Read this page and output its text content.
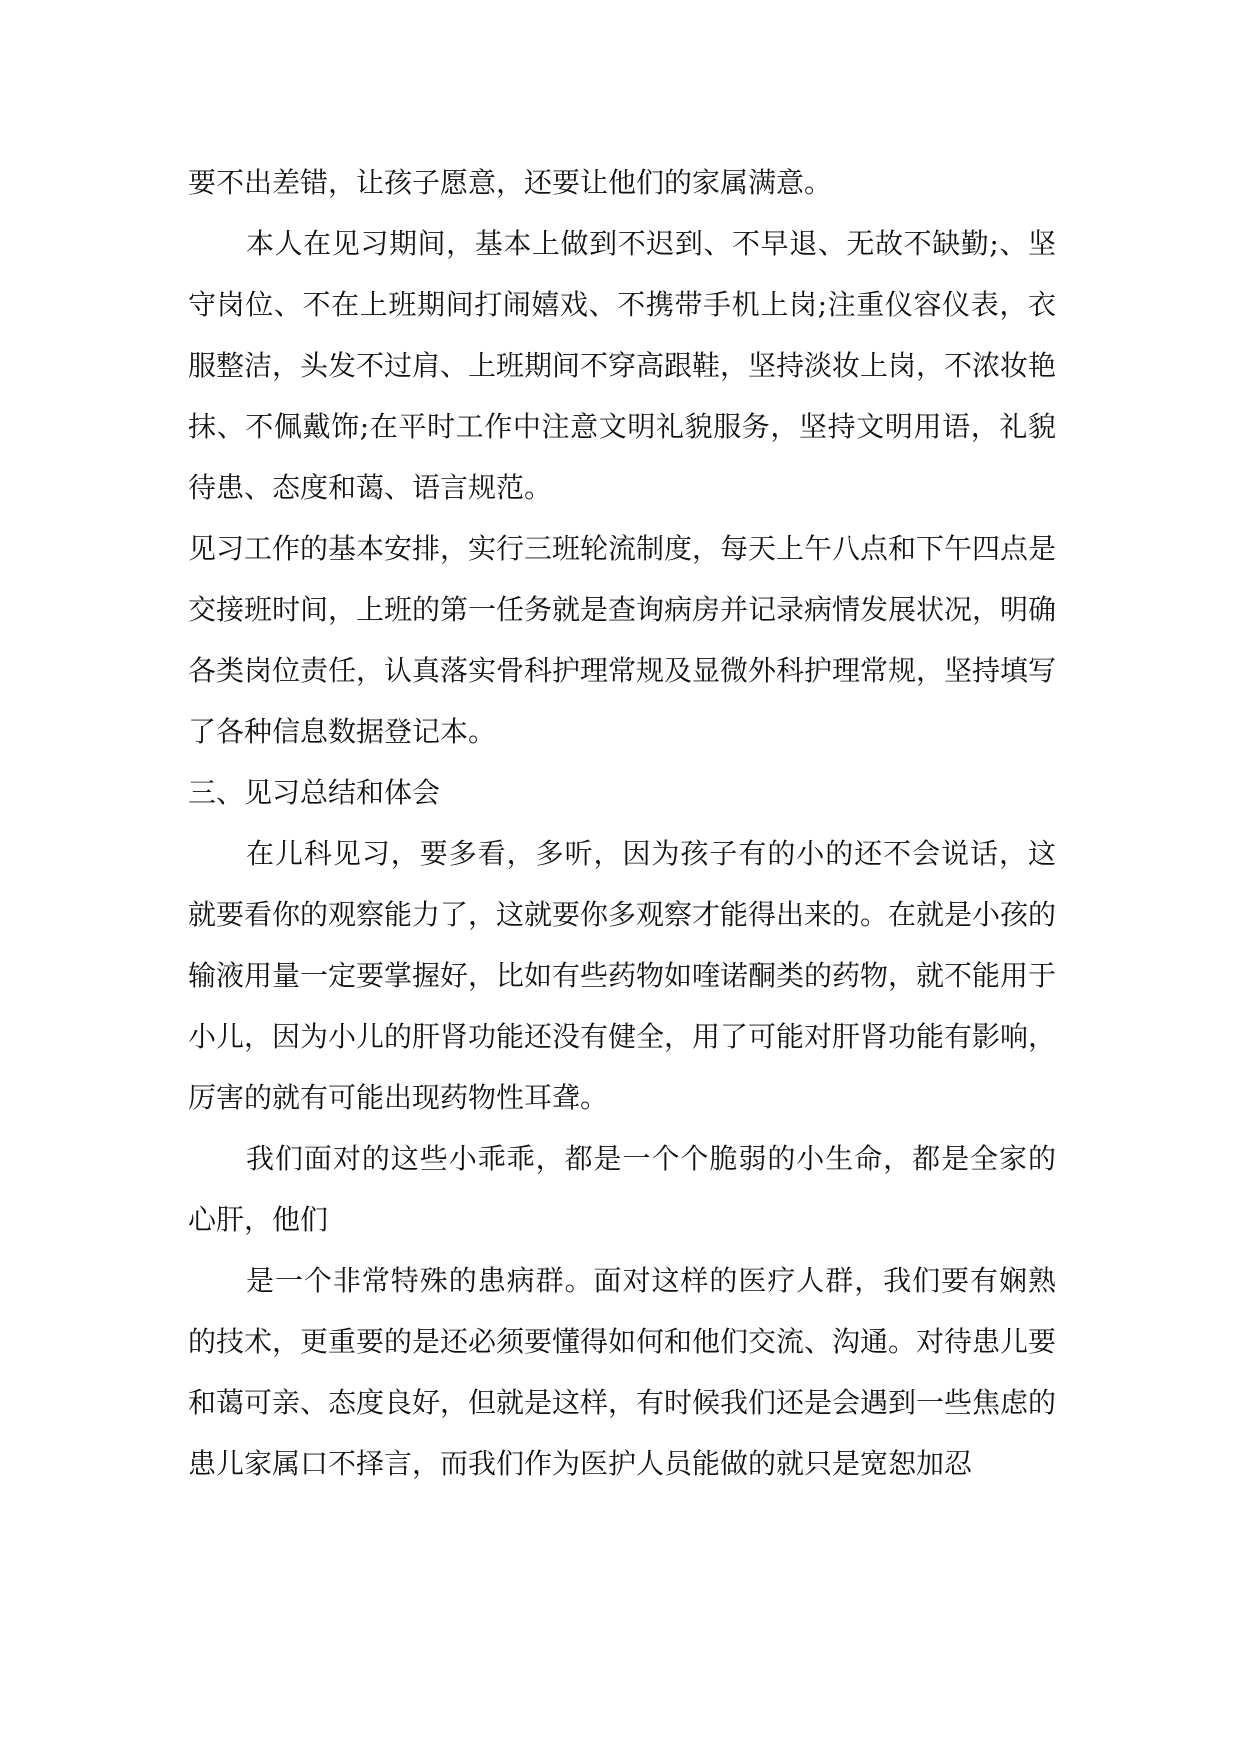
要不出差错，让孩子愿意，还要让他们的家属满意。

本人在见习期间，基本上做到不迟到、不早退、无故不缺勤;、坚守岗位、不在上班期间打闹嬉戏、不携带手机上岗;注重仪容仪表，衣服整洁，头发不过肩、上班期间不穿高跟鞋，坚持淡妆上岗，不浓妆艳抹、不佩戴饰;在平时工作中注意文明礼貌服务，坚持文明用语，礼貌待患、态度和蔼、语言规范。

见习工作的基本安排，实行三班轮流制度，每天上午八点和下午四点是交接班时间，上班的第一任务就是查询病房并记录病情发展状况，明确各类岗位责任，认真落实骨科护理常规及显微外科护理常规，坚持填写了各种信息数据登记本。

三、见习总结和体会

在儿科见习，要多看，多听，因为孩子有的小的还不会说话，这就要看你的观察能力了，这就要你多观察才能得出来的。在就是小孩的输液用量一定要掌握好，比如有些药物如喹诺酮类的药物，就不能用于小儿，因为小儿的肝肾功能还没有健全，用了可能对肝肾功能有影响，厉害的就有可能出现药物性耳聋。

我们面对的这些小乖乖，都是一个个脆弱的小生命，都是全家的心肝，他们

是一个非常特殊的患病群。面对这样的医疗人群，我们要有娴熟的技术，更重要的是还必须要懂得如何和他们交流、沟通。对待患儿要和蔼可亲、态度良好，但就是这样，有时候我们还是会遇到一些焦虑的患儿家属口不择言，而我们作为医护人员能做的就只是宽恕加忍
